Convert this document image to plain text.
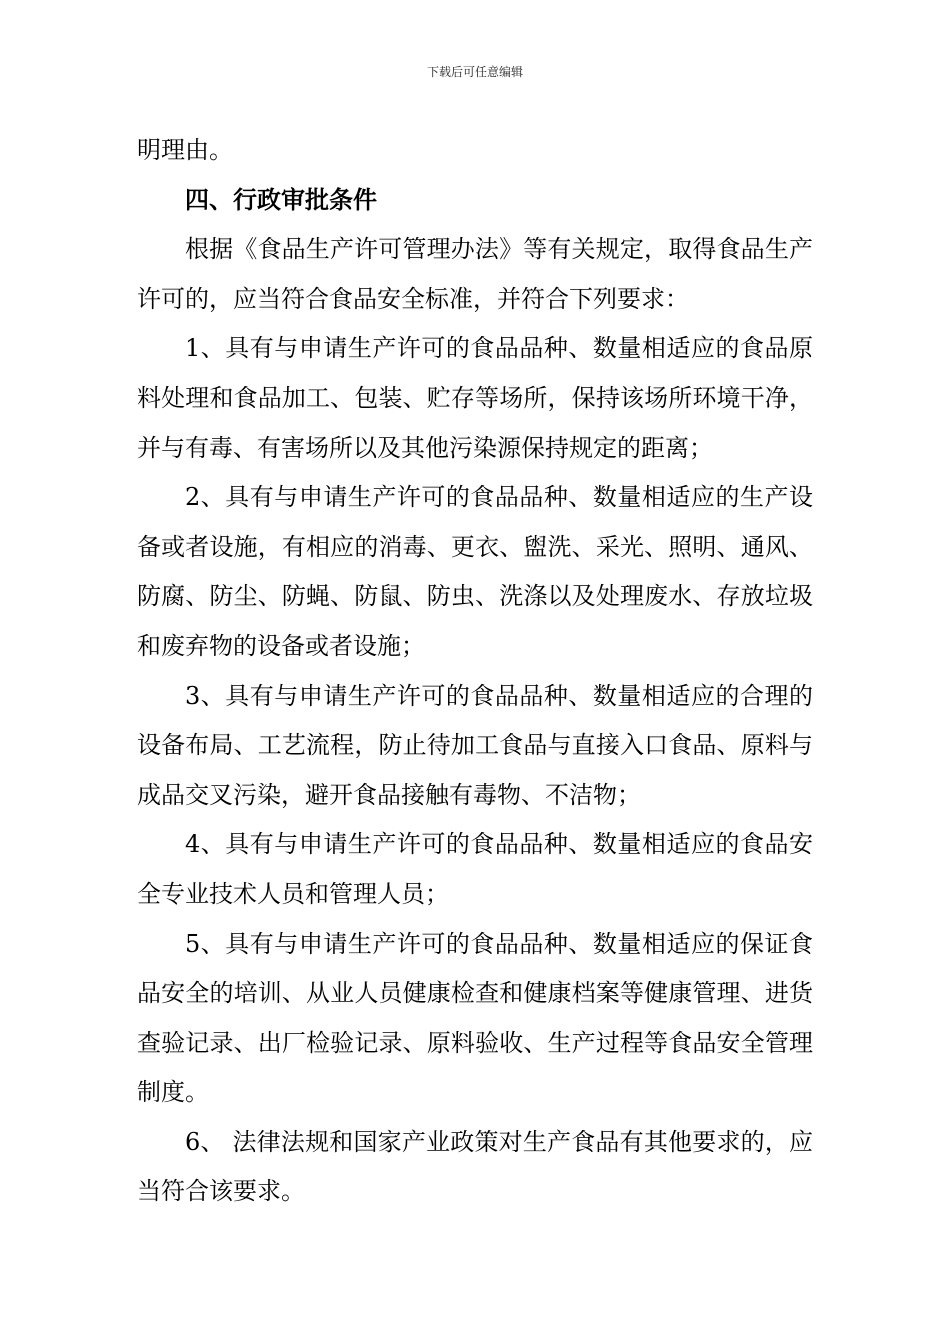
下载后可任意编辑

明理由。

四、行政审批条件

根据《食品生产许可管理办法》等有关规定，取得食品生产许可的，应当符合食品安全标准，并符合下列要求：

1、具有与申请生产许可的食品品种、数量相适应的食品原料处理和食品加工、包装、贮存等场所，保持该场所环境干净，并与有毒、有害场所以及其他污染源保持规定的距离；

2、具有与申请生产许可的食品品种、数量相适应的生产设备或者设施，有相应的消毒、更衣、盥洗、采光、照明、通风、防腐、防尘、防蝇、防鼠、防虫、洗涤以及处理废水、存放垃圾和废弃物的设备或者设施；

3、具有与申请生产许可的食品品种、数量相适应的合理的设备布局、工艺流程，防止待加工食品与直接入口食品、原料与成品交叉污染，避开食品接触有毒物、不洁物；

4、具有与申请生产许可的食品品种、数量相适应的食品安全专业技术人员和管理人员；

5、具有与申请生产许可的食品品种、数量相适应的保证食品安全的培训、从业人员健康检查和健康档案等健康管理、进货查验记录、出厂检验记录、原料验收、生产过程等食品安全管理制度。

6、 法律法规和国家产业政策对生产食品有其他要求的，应当符合该要求。
